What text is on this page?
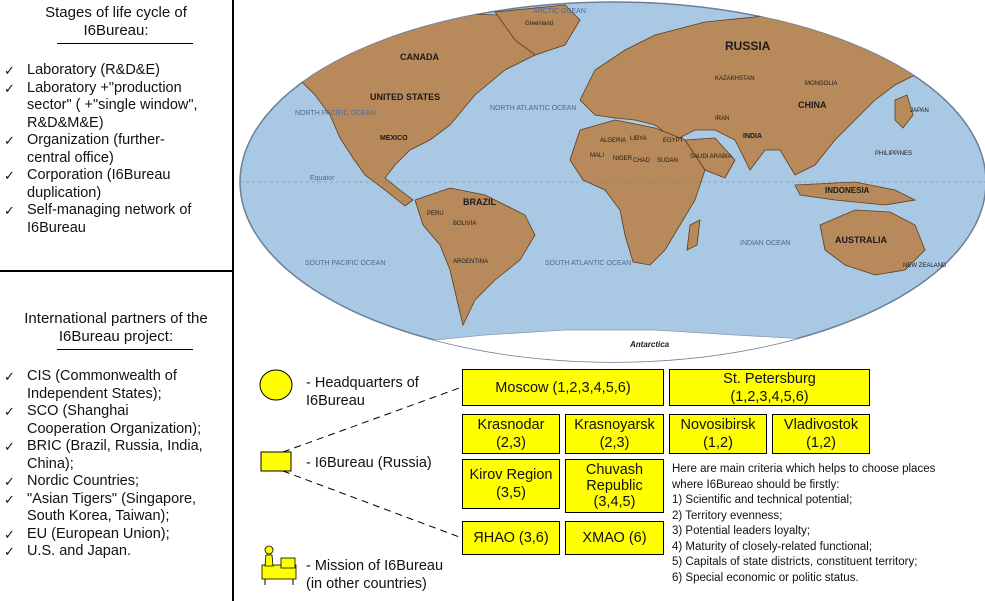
Stages of life cycle of
I6Bureau:
✓ Laboratory (R&D&E)
✓ Laboratory +"production
sector" ( +"single window",
R&D&M&E)
✓ Organization (further-
central office)
✓ Corporation (I6Bureau
duplication)
✓ Self-managing network of
I6Bureau
International partners of the
I6Bureau project:
✓ CIS (Commonwealth of
Independent States);
✓ SCO (Shanghai
Cooperation Organization);
✓ BRIC (Brazil, Russia, India,
China);
✓ Nordic Countries;
✓ "Asian Tigers" (Singapore,
South Korea, Taiwan);
✓ EU (European Union);
✓ U.S. and Japan.
ARCTIC OCEAN
NORTH PACIFIC OCEAN
NORTH ATLANTIC OCEAN
SOUTH PACIFIC OCEAN	SOUTH ATLANTIC OCEAN
INDIAN OCEAN
Equator
RUSSIA
CANADA
UNITED STATES
MEXICO
BRAZIL
CHINA
INDIA
AUSTRALIA
INDONESIA
Antarctica
Greenland
NEW ZEALAND
ARGENTINA
PERU
BOLIVIA
ALGERIA LIBYA	EGYPT
SUDAN
CHAD
NIGER
MALI
KAZAKHSTAN
MONGOLIA
IRAN
SAUDI ARABIA
JAPAN
PHILIPPINES
- Headquarters of
I6Bureau
- I6Bureau (Russia)
- Mission of I6Bureau
(in other countries)
Moscow (1,2,3,4,5,6)
St. Petersburg
(1,2,3,4,5,6)
Krasnodar
(2,3)
Krasnoyarsk
(2,3)
Novosibirsk
(1,2)
Vladivostok
(1,2)
Kirov Region
(3,5)
Chuvash
Republic
(3,4,5)
ЯНАО (3,6) ХМАО (6)
Here are main criteria which helps to choose places
where I6Bureao should be firstly:
1) Scientific and technical potential;
2) Territory evenness;
3) Potential leaders loyalty;
4) Maturity of closely-related functional;
5) Capitals of state districts, constituent territory;
6) Special economic or politic status.
